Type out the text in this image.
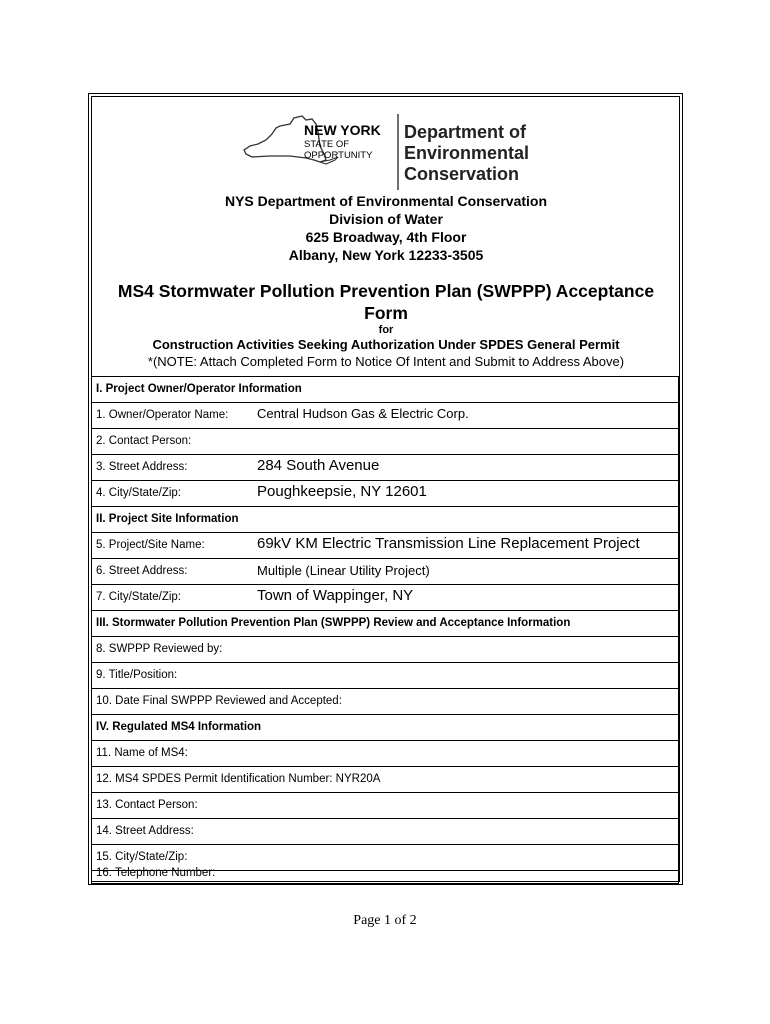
NEW YORK
STATE OF
OPPORTUNITY
Department of
Environmental
Conservation
NYS Department of Environmental Conservation
Division of Water
625 Broadway, 4th Floor
Albany, New York 12233-3505
MS4 Stormwater Pollution Prevention Plan (SWPPP) Acceptance
Form
for
Construction Activities Seeking Authorization Under SPDES General Permit
*(NOTE: Attach Completed Form to Notice Of Intent and Submit to Address Above)
I. Project Owner/Operator Information
1. Owner/Operator Name: Central Hudson Gas & Electric Corp.
2. Contact Person:
3. Street Address:	284 South Avenue
4. City/State/Zip:	Poughkeepsie, NY 12601
II. Project Site Information
5. Project/Site Name:	69kV KM Electric Transmission Line Replacement Project
6. Street Address:	Multiple (Linear Utility Project)
7. City/State/Zip:	Town of Wappinger, NY
III. Stormwater Pollution Prevention Plan (SWPPP) Review and Acceptance Information
8. SWPPP Reviewed by:
9. Title/Position:
10. Date Final SWPPP Reviewed and Accepted:
IV. Regulated MS4 Information
11. Name of MS4:
12. MS4 SPDES Permit Identification Number: NYR20A
13. Contact Person:
14. Street Address:
15. City/State/Zip:
16. Telephone Number:
Page 1 of 2
